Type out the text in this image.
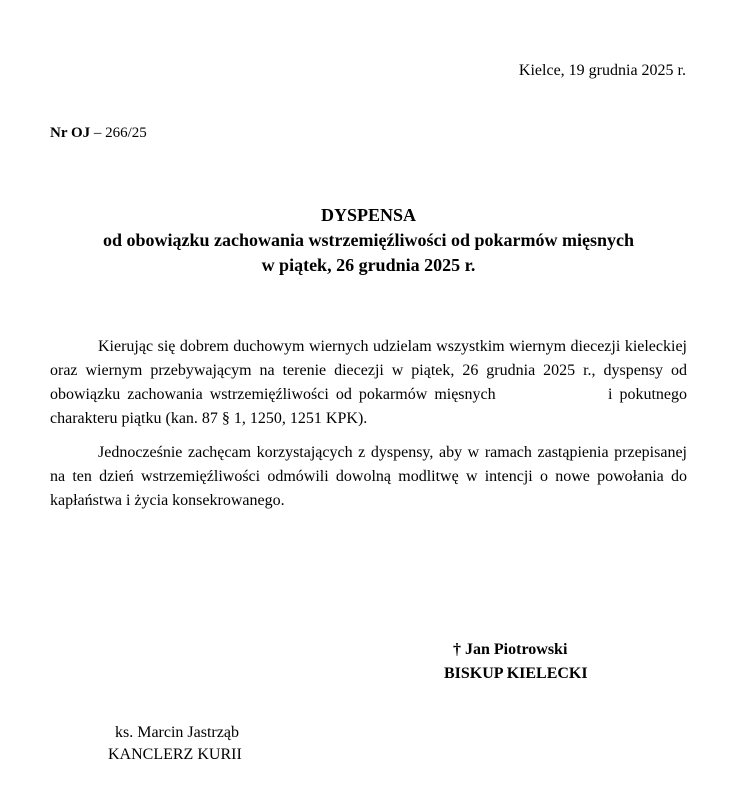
Kielce, 19 grudnia 2025 r.
Nr OJ – 266/25
DYSPENSA
od obowiązku zachowania wstrzemięźliwości od pokarmów mięsnych
w piątek, 26 grudnia 2025 r.

Kierując się dobrem duchowym wiernych udzielam wszystkim wiernym diecezji kieleckiej oraz wiernym przebywającym na terenie diecezji w piątek, 26 grudnia 2025 r., dyspensy od obowiązku zachowania wstrzemięźliwości od pokarmów mięsnych                i pokutnego charakteru piątku (kan. 87 § 1, 1250, 1251 KPK).

Jednocześnie zachęcam korzystających z dyspensy, aby w ramach zastąpienia przepisanej na ten dzień wstrzemięźliwości odmówili dowolną modlitwę w intencji o nowe powołania do kapłaństwa i życia konsekrowanego.

† Jan Piotrowski
BISKUP KIELECKI
ks. Marcin Jastrząb
KANCLERZ KURII
